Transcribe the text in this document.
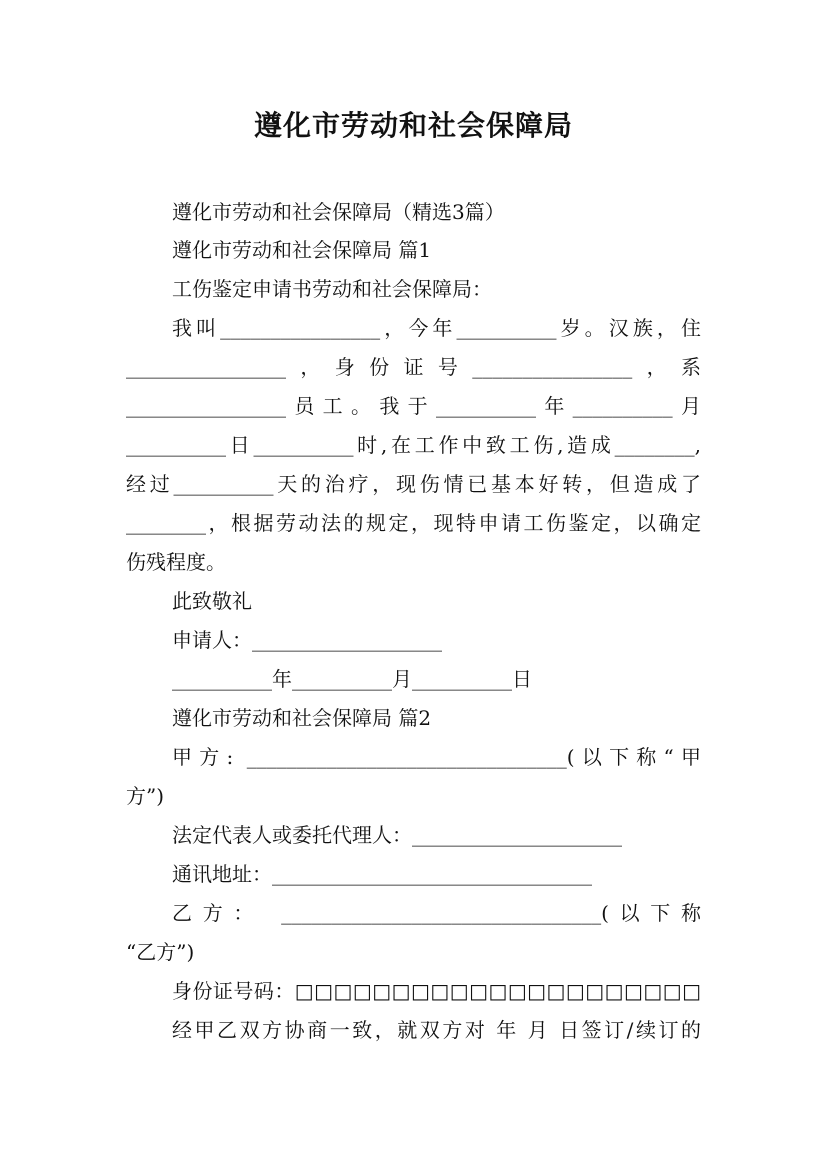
遵化市劳动和社会保障局
遵化市劳动和社会保障局（精选3篇）
遵化市劳动和社会保障局 篇1
工伤鉴定申请书劳动和社会保障局：
我叫________________，今年__________岁。汉族，住
________________，身份证号________________，系
________________员工。我于__________年__________月
__________日__________时,在工作中致工伤,造成________,
经过__________天的治疗，现伤情已基本好转，但造成了
________，根据劳动法的规定，现特申请工伤鉴定，以确定
伤残程度。
此致敬礼
申请人：___________________
__________年__________月__________日
遵化市劳动和社会保障局 篇2
甲方: ________________________________(以下称“甲
方”)
法定代表人或委托代理人：_____________________
通讯地址：________________________________
乙方： ________________________________(以下称
“乙方”)
身份证号码：□□□□□□□□□□□□□□□□□□□□□
经甲乙双方协商一致，就双方对 年 月 日签订/续订的
